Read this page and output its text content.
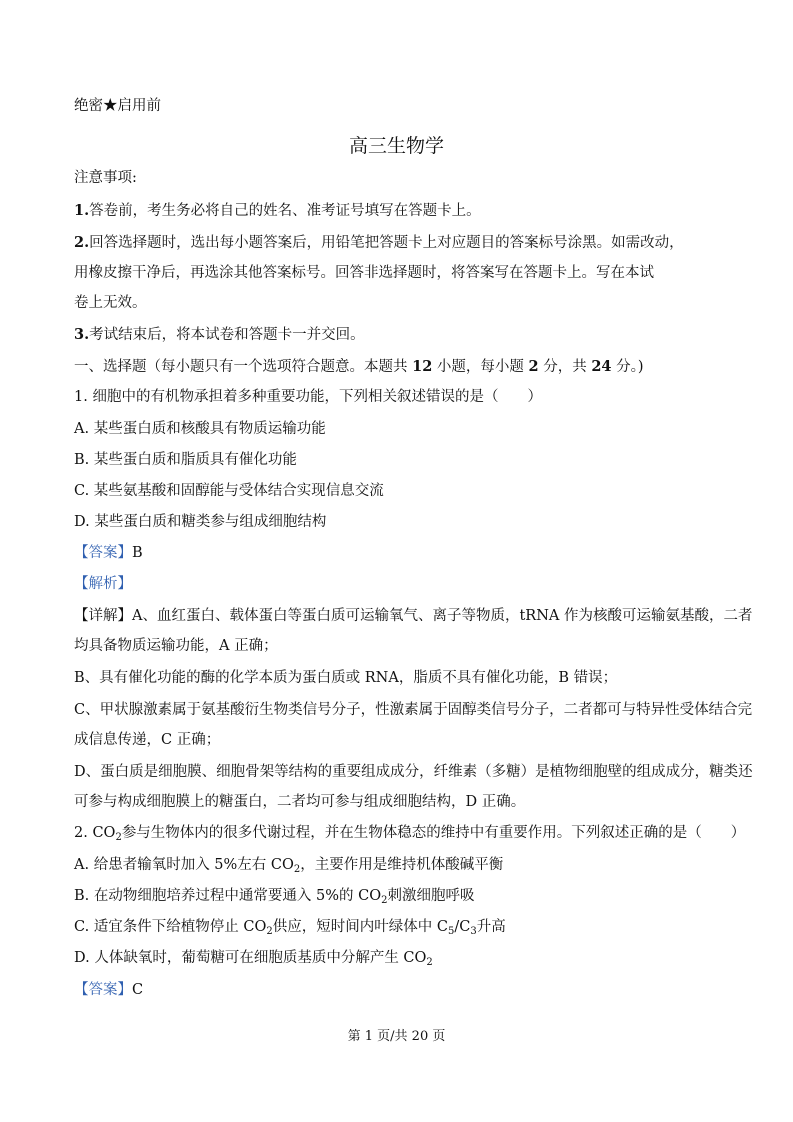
绝密★启用前
高三生物学
注意事项:
1.答卷前，考生务必将自己的姓名、准考证号填写在答题卡上。
2.回答选择题时，选出每小题答案后，用铅笔把答题卡上对应题目的答案标号涂黑。如需改动，
用橡皮擦干净后，再选涂其他答案标号。回答非选择题时，将答案写在答题卡上。写在本试
卷上无效。
3.考试结束后，将本试卷和答题卡一并交回。
一、选择题（每小题只有一个选项符合题意。本题共 12 小题，每小题 2 分，共 24 分。)
1. 细胞中的有机物承担着多种重要功能，下列相关叙述错误的是（　　）
A. 某些蛋白质和核酸具有物质运输功能
B. 某些蛋白质和脂质具有催化功能
C. 某些氨基酸和固醇能与受体结合实现信息交流
D. 某些蛋白质和糖类参与组成细胞结构
【答案】B
【解析】
【详解】A、血红蛋白、载体蛋白等蛋白质可运输氧气、离子等物质，tRNA 作为核酸可运输氨基酸，二者
均具备物质运输功能，A 正确；
B、具有催化功能的酶的化学本质为蛋白质或 RNA，脂质不具有催化功能，B 错误；
C、甲状腺激素属于氨基酸衍生物类信号分子，性激素属于固醇类信号分子，二者都可与特异性受体结合完
成信息传递，C 正确；
D、蛋白质是细胞膜、细胞骨架等结构的重要组成成分，纤维素（多糖）是植物细胞壁的组成成分，糖类还
可参与构成细胞膜上的糖蛋白，二者均可参与组成细胞结构，D 正确。
2. $CO_2$参与生物体内的很多代谢过程，并在生物体稳态的维持中有重要作用。下列叙述正确的是（　　）
A. 给患者输氧时加入 5%左右 $CO_2$，主要作用是维持机体酸碱平衡
B. 在动物细胞培养过程中通常要通入 5%的 $CO_2$刺激细胞呼吸
C. 适宜条件下给植物停止 $CO_2$供应，短时间内叶绿体中 $C_5/C_3$升高
D. 人体缺氧时，葡萄糖可在细胞质基质中分解产生 $CO_2$
【答案】C
第 1 页/共 20 页
